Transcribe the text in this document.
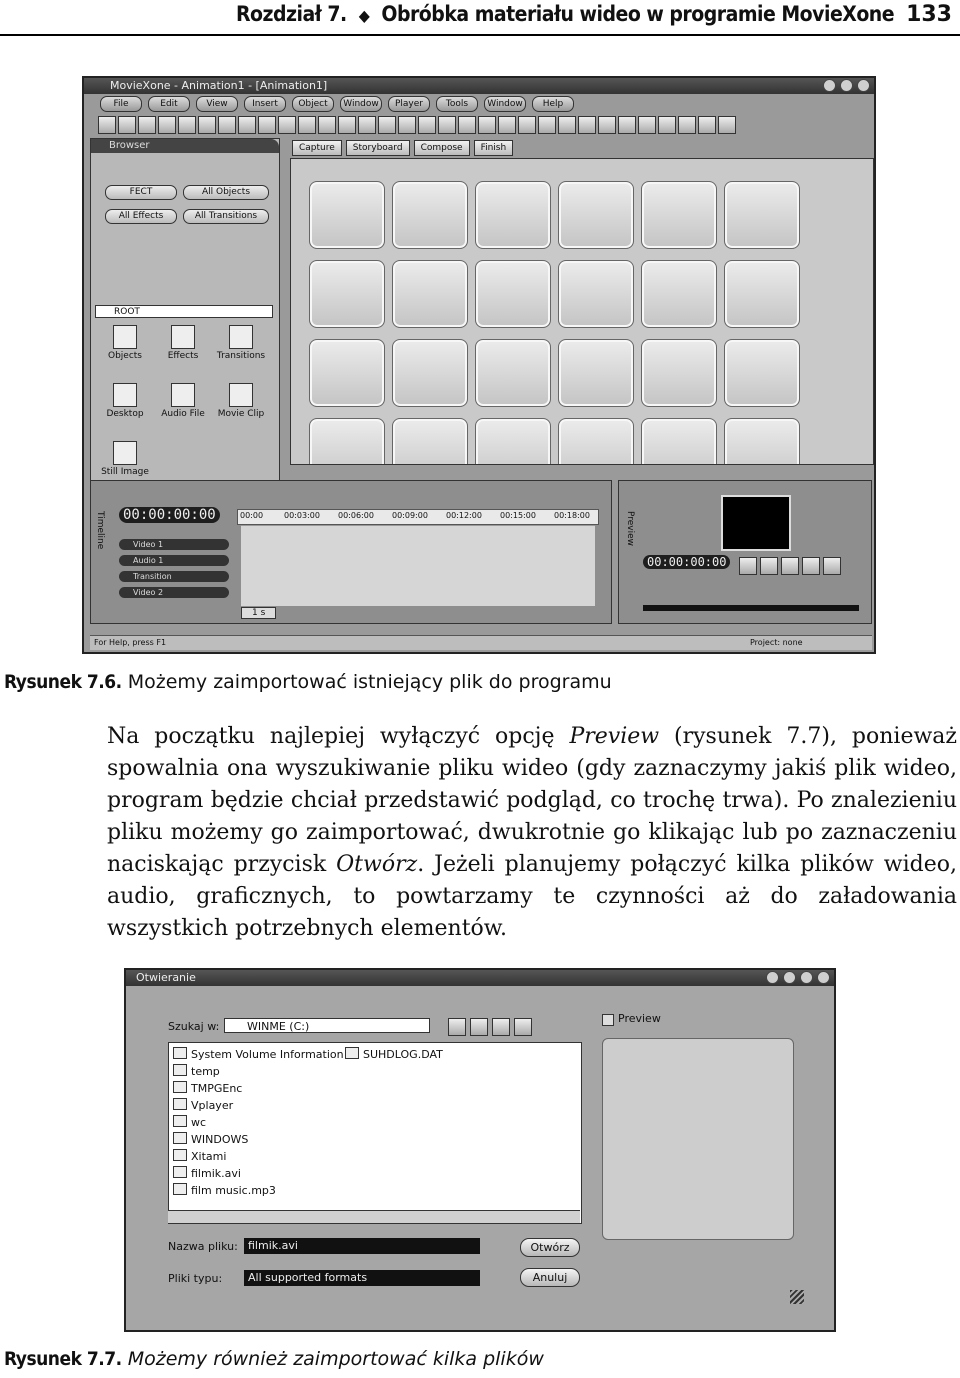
Rozdział 7. ◆ Obróbka materiału wideo w programie MovieXone 133
MovieXone - Animation1 - [Animation1]
File	Edit	View	Insert	Object	Window	Player	Tools	Window	Help
Browser
FECT	All Objects
All Effects	All Transitions
ROOT
Objects	Effects	Transitions
Desktop	Audio File	Movie Clip
Still Image
Capture	Storyboard	Compose	Finish
Timeline 00:00:00:00	00:00	00:03:00 00:06:00 00:09:00 00:12:00 00:15:00 00:18:00
Video 1
Audio 1
Transition
Video 2
1 s
Preview
00:00:00:00
For Help, press F1	Project: none
Rysunek 7.6. Możemy zaimportować istniejący plik do programu
Na początku najlepiej wyłączyć opcję Preview (rysunek 7.7), ponieważ spowalnia ona wyszukiwanie pliku wideo (gdy zaznaczymy jakiś plik wideo, program będzie chciał przedstawić podgląd, co trochę trwa). Po znalezieniu pliku możemy go zaimportować, dwukrotnie go klikając lub po zaznaczeniu naciskając przycisk Otwórz. Jeżeli planujemy połączyć kilka plików wideo, audio, graficznych, to powtarzamy te czynności aż do załadowania wszystkich potrzebnych elementów.
Otwieranie
Szukaj w:	WINME (C:)
Preview
System Volume Information
temp
TMPGEnc
Vplayer
wc
WINDOWS
Xitami
filmik.avi
film music.mp3
SUHDLOG.DAT
Nazwa pliku: filmik.avi	Otwórz
Pliki typu:	All supported formats	Anuluj
Rysunek 7.7. Możemy również zaimportować kilka plików
